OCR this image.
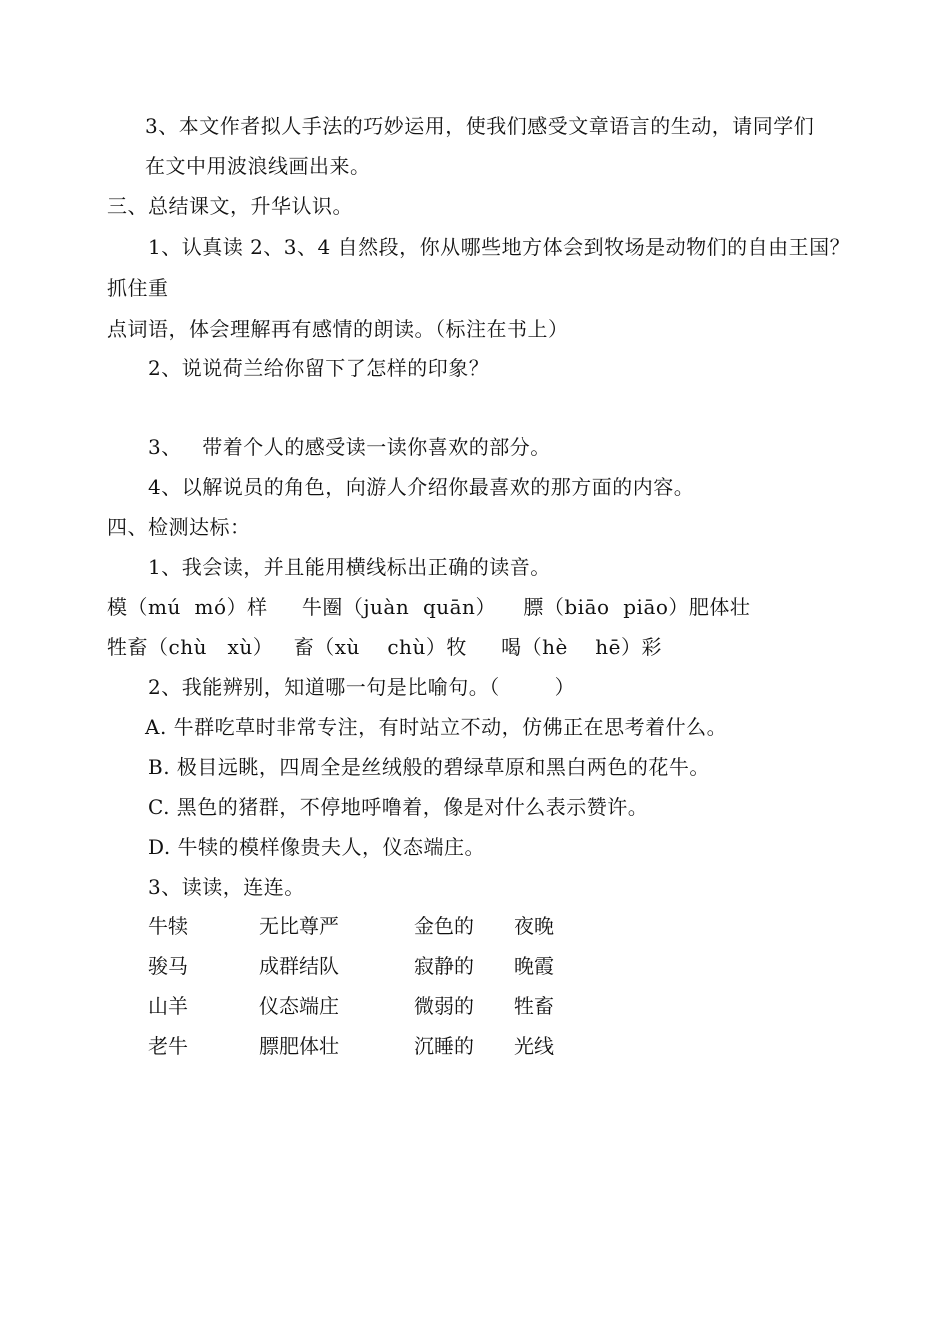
3、本文作者拟人手法的巧妙运用，使我们感受文章语言的生动，请同学们
在文中用波浪线画出来。
三、总结课文，升华认识。
1、认真读 2、3、4 自然段，你从哪些地方体会到牧场是动物们的自由王国？
抓住重
点词语，体会理解再有感情的朗读。（标注在书上）
2、说说荷兰给你留下了怎样的印象？
3、   带着个人的感受读一读你喜欢的部分。
4、以解说员的角色，向游人介绍你最喜欢的那方面的内容。
四、检测达标：
1、我会读，并且能用横线标出正确的读音。
模（mú  mó）样     牛圈（juàn  quān）    膘（biāo  piāo）肥体壮
牲畜（chù   xù）   畜（xù    chù）牧     喝（hè    hē）彩
2、我能辨别，知道哪一句是比喻句。（        ）
A. 牛群吃草时非常专注，有时站立不动，仿佛正在思考着什么。
B. 极目远眺，四周全是丝绒般的碧绿草原和黑白两色的花牛。
C. 黑色的猪群，不停地呼噜着，像是对什么表示赞许。
D. 牛犊的模样像贵夫人，仪态端庄。
3、读读，连连。
牛犊
骏马
山羊
老牛
无比尊严
成群结队
仪态端庄
膘肥体壮
金色的
寂静的
微弱的
沉睡的
夜晚
晚霞
牲畜
光线
